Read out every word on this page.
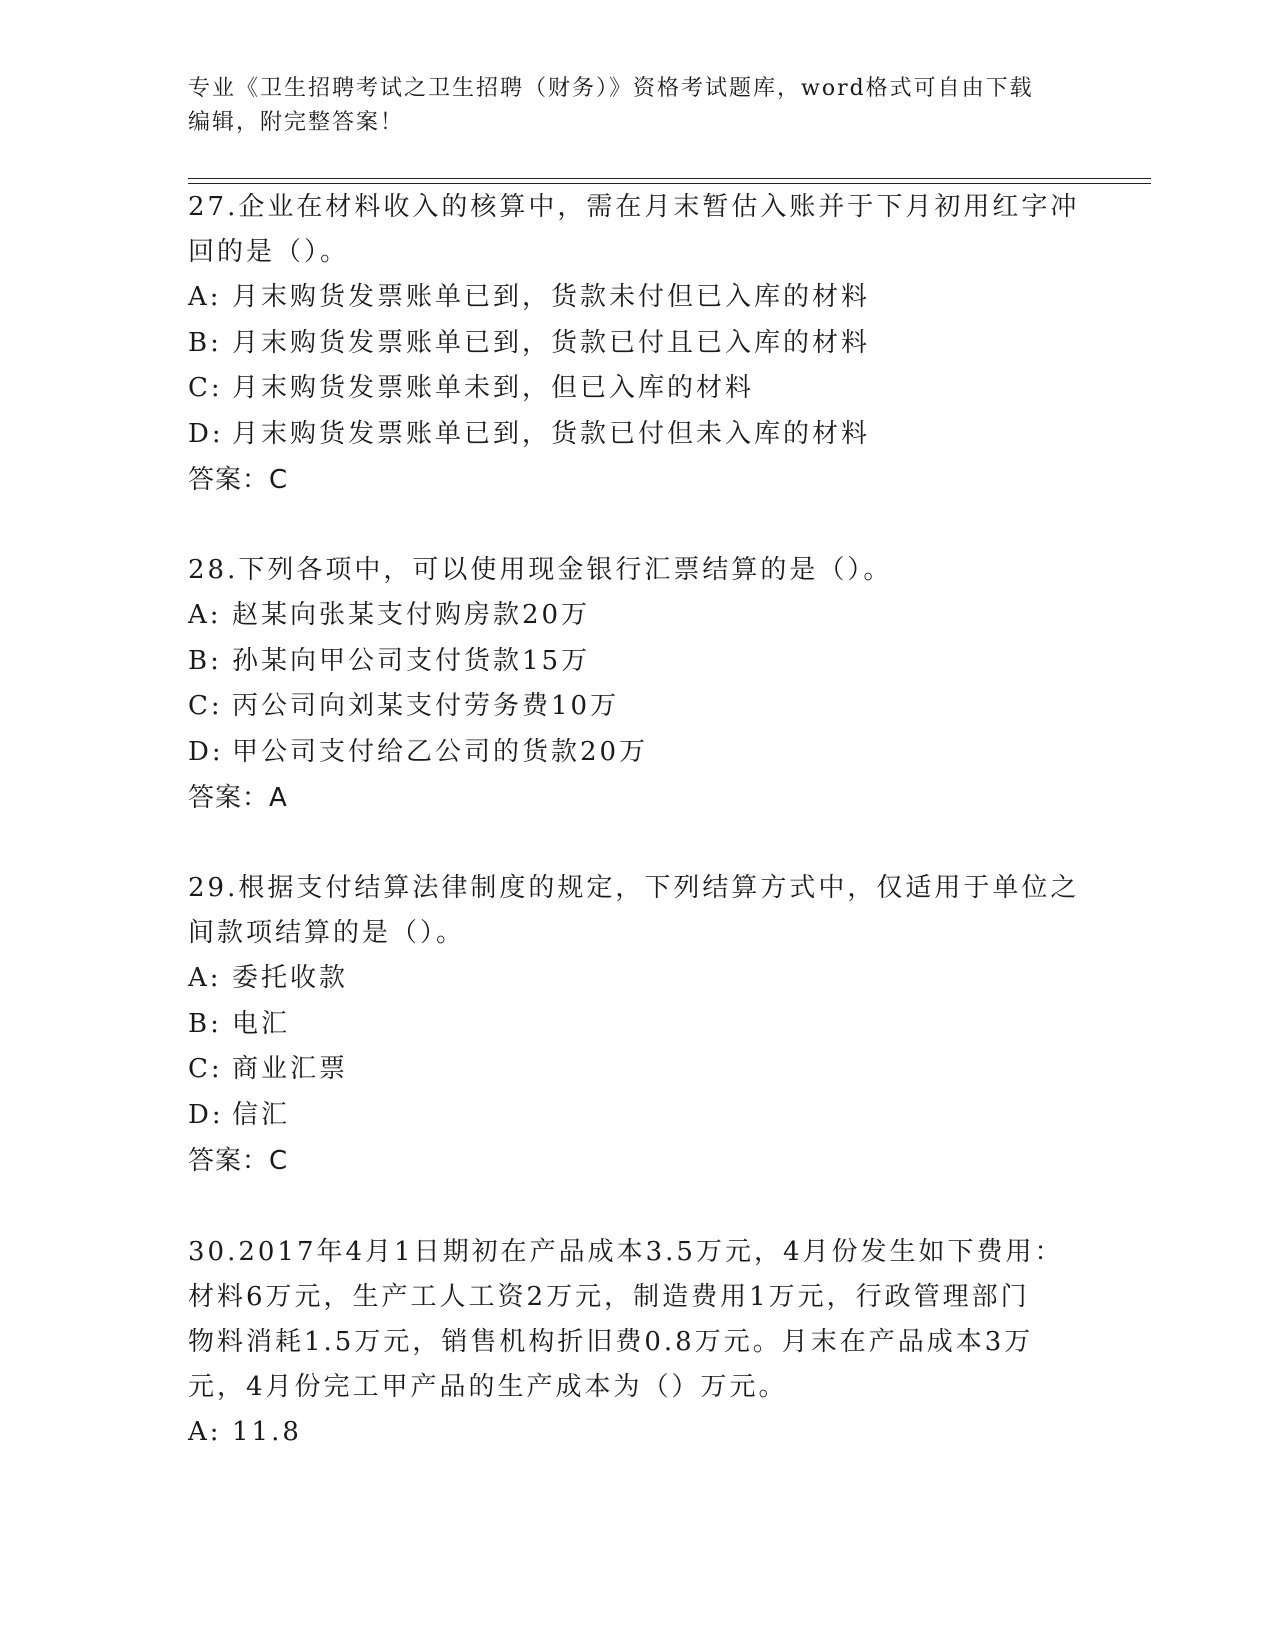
专业《卫生招聘考试之卫生招聘（财务）》资格考试题库，word格式可自由下载
编辑，附完整答案！

27.企业在材料收入的核算中，需在月末暂估入账并于下月初用红字冲

回的是（）。

A: 月末购货发票账单已到，货款未付但已入库的材料

B: 月末购货发票账单已到，货款已付且已入库的材料

C: 月末购货发票账单未到，但已入库的材料

D: 月末购货发票账单已到，货款已付但未入库的材料

答案：C

28.下列各项中，可以使用现金银行汇票结算的是（）。

A: 赵某向张某支付购房款20万

B: 孙某向甲公司支付货款15万

C: 丙公司向刘某支付劳务费10万

D: 甲公司支付给乙公司的货款20万

答案：A

29.根据支付结算法律制度的规定，下列结算方式中，仅适用于单位之

间款项结算的是（）。

A: 委托收款

B: 电汇

C: 商业汇票

D: 信汇

答案：C

30.2017年4月1日期初在产品成本3.5万元，4月份发生如下费用：

材料6万元，生产工人工资2万元，制造费用1万元，行政管理部门

物料消耗1.5万元，销售机构折旧费0.8万元。月末在产品成本3万

元，4月份完工甲产品的生产成本为（）万元。

A: 11.8
